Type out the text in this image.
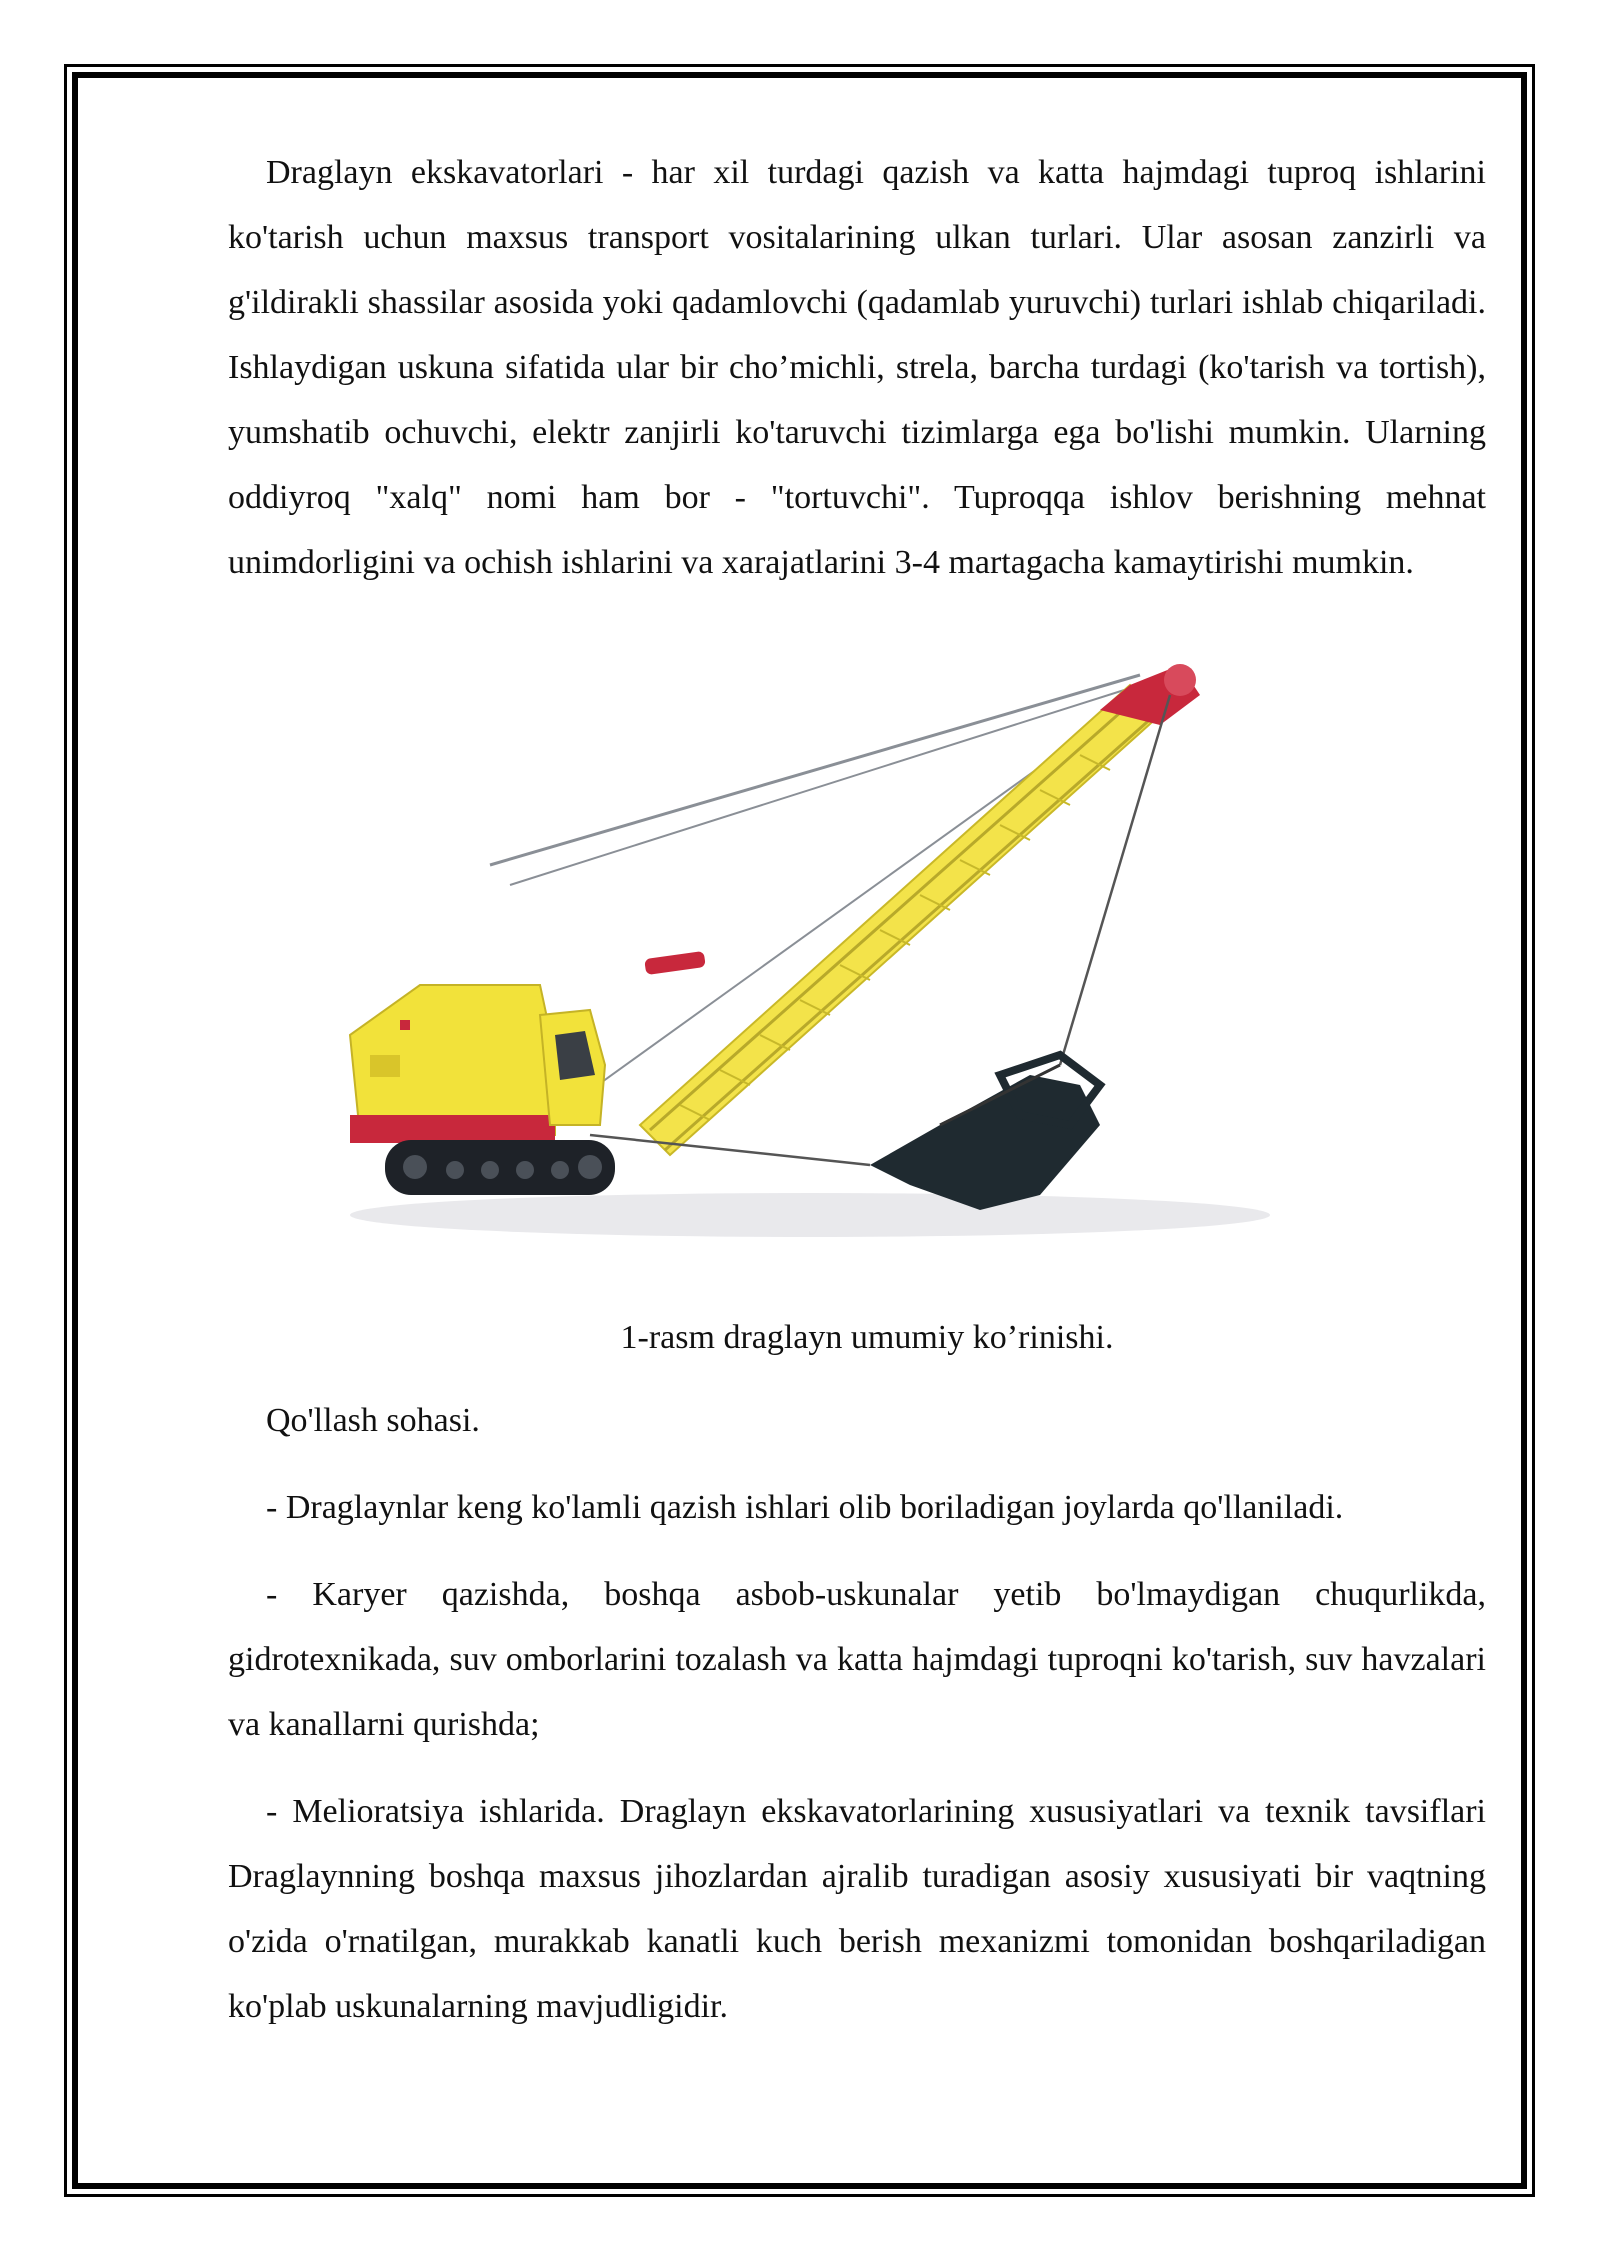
Draglayn ekskavatorlari - har xil turdagi qazish va katta hajmdagi tuproq ishlarini ko'tarish uchun maxsus transport vositalarining ulkan turlari. Ular asosan zanzirli va g'ildirakli shassilar asosida yoki qadamlovchi (qadamlab yuruvchi) turlari ishlab chiqariladi. Ishlaydigan uskuna sifatida ular bir cho’michli, strela, barcha turdagi (ko'tarish va tortish), yumshatib ochuvchi, elektr zanjirli ko'taruvchi tizimlarga ega bo'lishi mumkin. Ularning oddiyroq "xalq" nomi ham bor - "tortuvchi". Tuproqqa ishlov berishning mehnat unimdorligini va ochish ishlarini va xarajatlarini 3-4 martagacha kamaytirishi mumkin.

1-rasm draglayn umumiy ko’rinishi.

Qo'llash sohasi.

- Draglaynlar keng ko'lamli qazish ishlari olib boriladigan joylarda qo'llaniladi.

- Karyer qazishda, boshqa asbob-uskunalar yetib bo'lmaydigan chuqurlikda, gidrotexnikada, suv omborlarini tozalash va katta hajmdagi tuproqni ko'tarish, suv havzalari va kanallarni qurishda;

- Melioratsiya ishlarida. Draglayn ekskavatorlarining xususiyatlari va texnik tavsiflari Draglaynning boshqa maxsus jihozlardan ajralib turadigan asosiy xususiyati bir vaqtning o'zida o'rnatilgan, murakkab kanatli kuch berish mexanizmi tomonidan boshqariladigan ko'plab uskunalarning mavjudligidir.
